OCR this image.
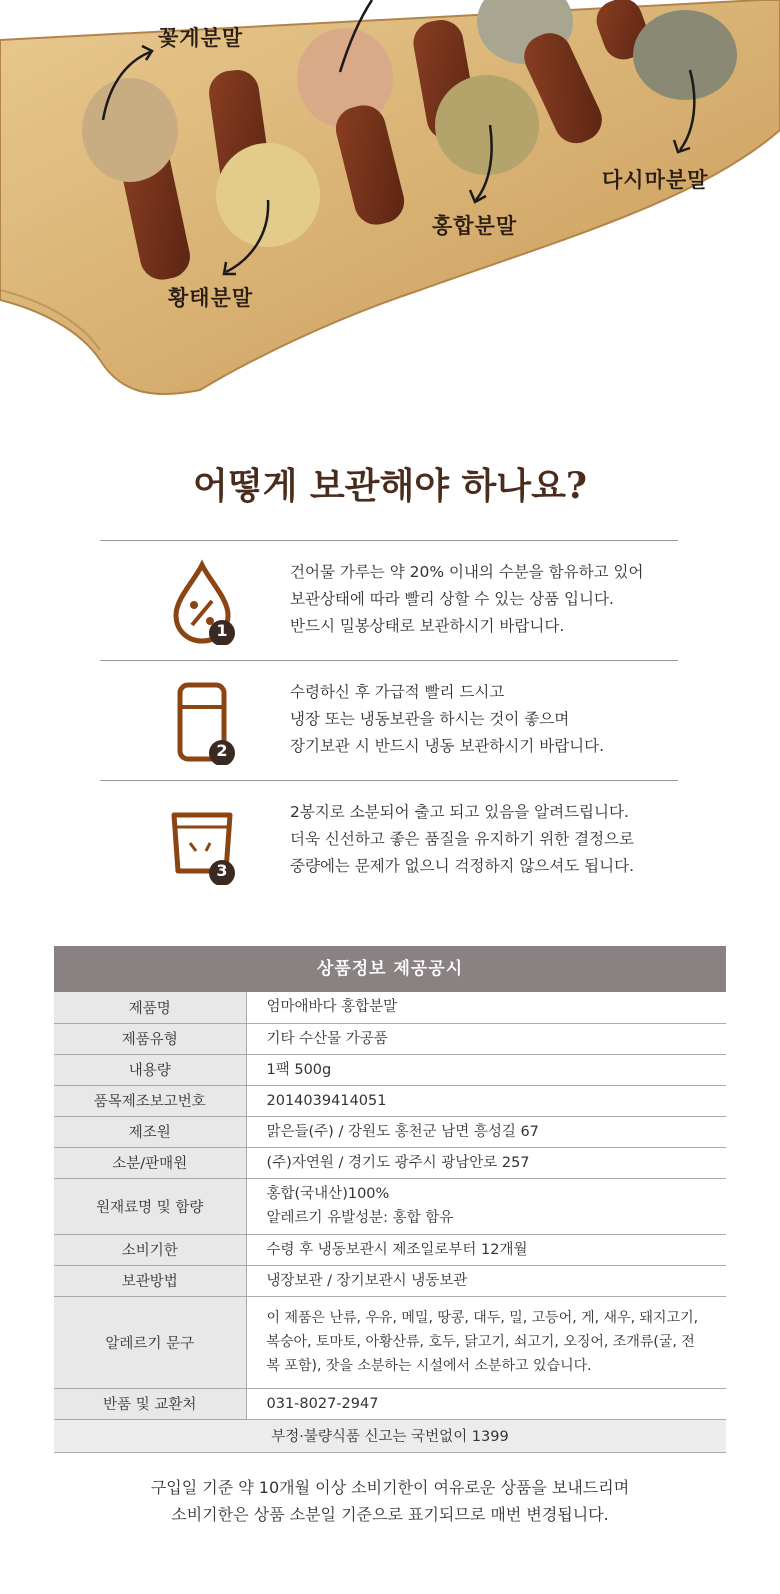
꽃게분말
황태분말
홍합분말
다시마분말
어떻게 보관해야 하나요?
1
건어물 가루는 약 20% 이내의 수분을 함유하고 있어
보관상태에 따라 빨리 상할 수 있는 상품 입니다.
반드시 밀봉상태로 보관하시기 바랍니다.
2
수령하신 후 가급적 빨리 드시고
냉장 또는 냉동보관을 하시는 것이 좋으며
장기보관 시 반드시 냉동 보관하시기 바랍니다.
3
2봉지로 소분되어 출고 되고 있음을 알려드립니다.
더욱 신선하고 좋은 품질을 유지하기 위한 결정으로
중량에는 문제가 없으니 걱정하지 않으셔도 됩니다.
상품정보 제공공시
제품명	엄마애바다 홍합분말
제품유형	기타 수산물 가공품
내용량	1팩 500g
품목제조보고번호	2014039414051
제조원	맑은들(주) / 강원도 홍천군 남면 흥성길 67
소분/판매원	(주)자연원 / 경기도 광주시 광남안로 257
원재료명 및 함량	홍합(국내산)100%
알레르기 유발성분: 홍합 함유

소비기한	수령 후 냉동보관시 제조일로부터 12개월
보관방법	냉장보관 / 장기보관시 냉동보관
알레르기 문구	이 제품은 난류, 우유, 메밀, 땅콩, 대두, 밀, 고등어, 게, 새우, 돼지고기,
복숭아, 토마토, 아황산류, 호두, 닭고기, 쇠고기, 오징어, 조개류(굴, 전
복 포함), 잣을 소분하는 시설에서 소분하고 있습니다.

반품 및 교환처	031-8027-2947
부정·불량식품 신고는 국번없이 1399	
구입일 기준 약 10개월 이상 소비기한이 여유로운 상품을 보내드리며
소비기한은 상품 소분일 기준으로 표기되므로 매번 변경됩니다.
